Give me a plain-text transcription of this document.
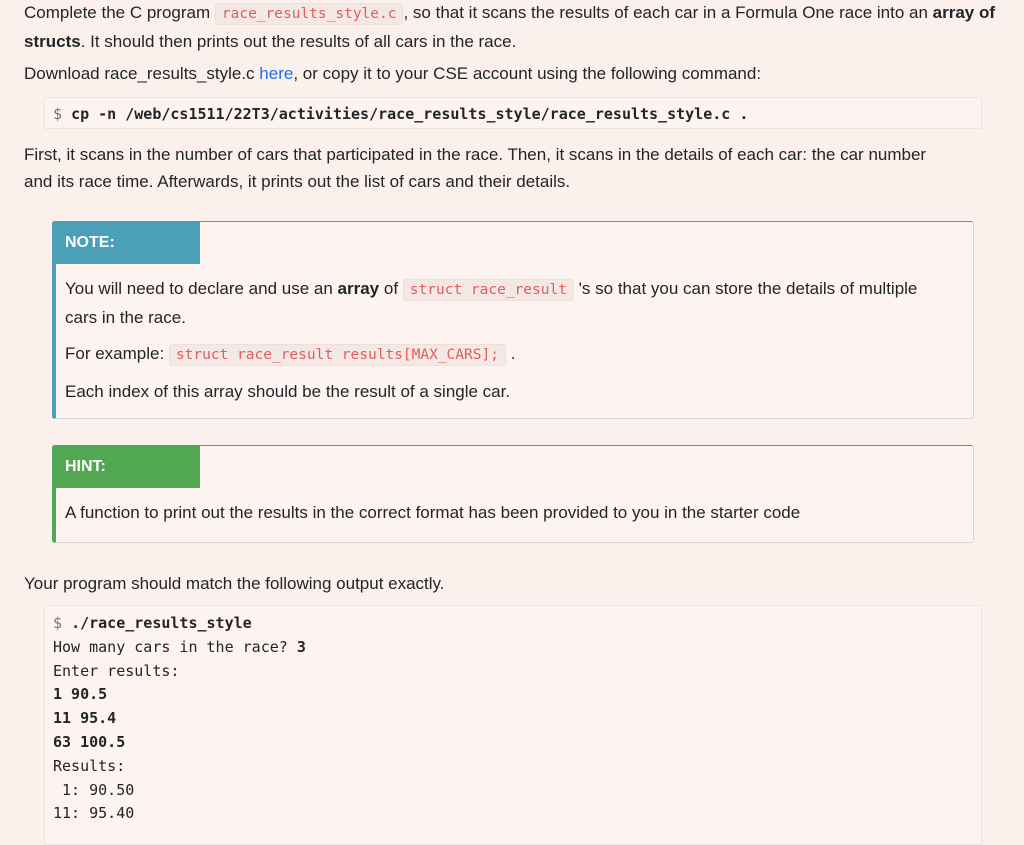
Complete the C program race_results_style.c , so that it scans the results of each car in a Formula One race into an array of structs. It should then prints out the results of all cars in the race.

Download race_results_style.c here, or copy it to your CSE account using the following command:

$ cp -n /web/cs1511/22T3/activities/race_results_style/race_results_style.c .

First, it scans in the number of cars that participated in the race. Then, it scans in the details of each car: the car number and its race time. Afterwards, it prints out the list of cars and their details.

NOTE:

You will need to declare and use an array of struct race_result 's so that you can store the details of multiple cars in the race.

For example: struct race_result results[MAX_CARS]; .

Each index of this array should be the result of a single car.

HINT:

A function to print out the results in the correct format has been provided to you in the starter code

Your program should match the following output exactly.

$ ./race_results_style
How many cars in the race? 3
Enter results:
1 90.5
11 95.4
63 100.5
Results:
1: 90.50
11: 95.40
